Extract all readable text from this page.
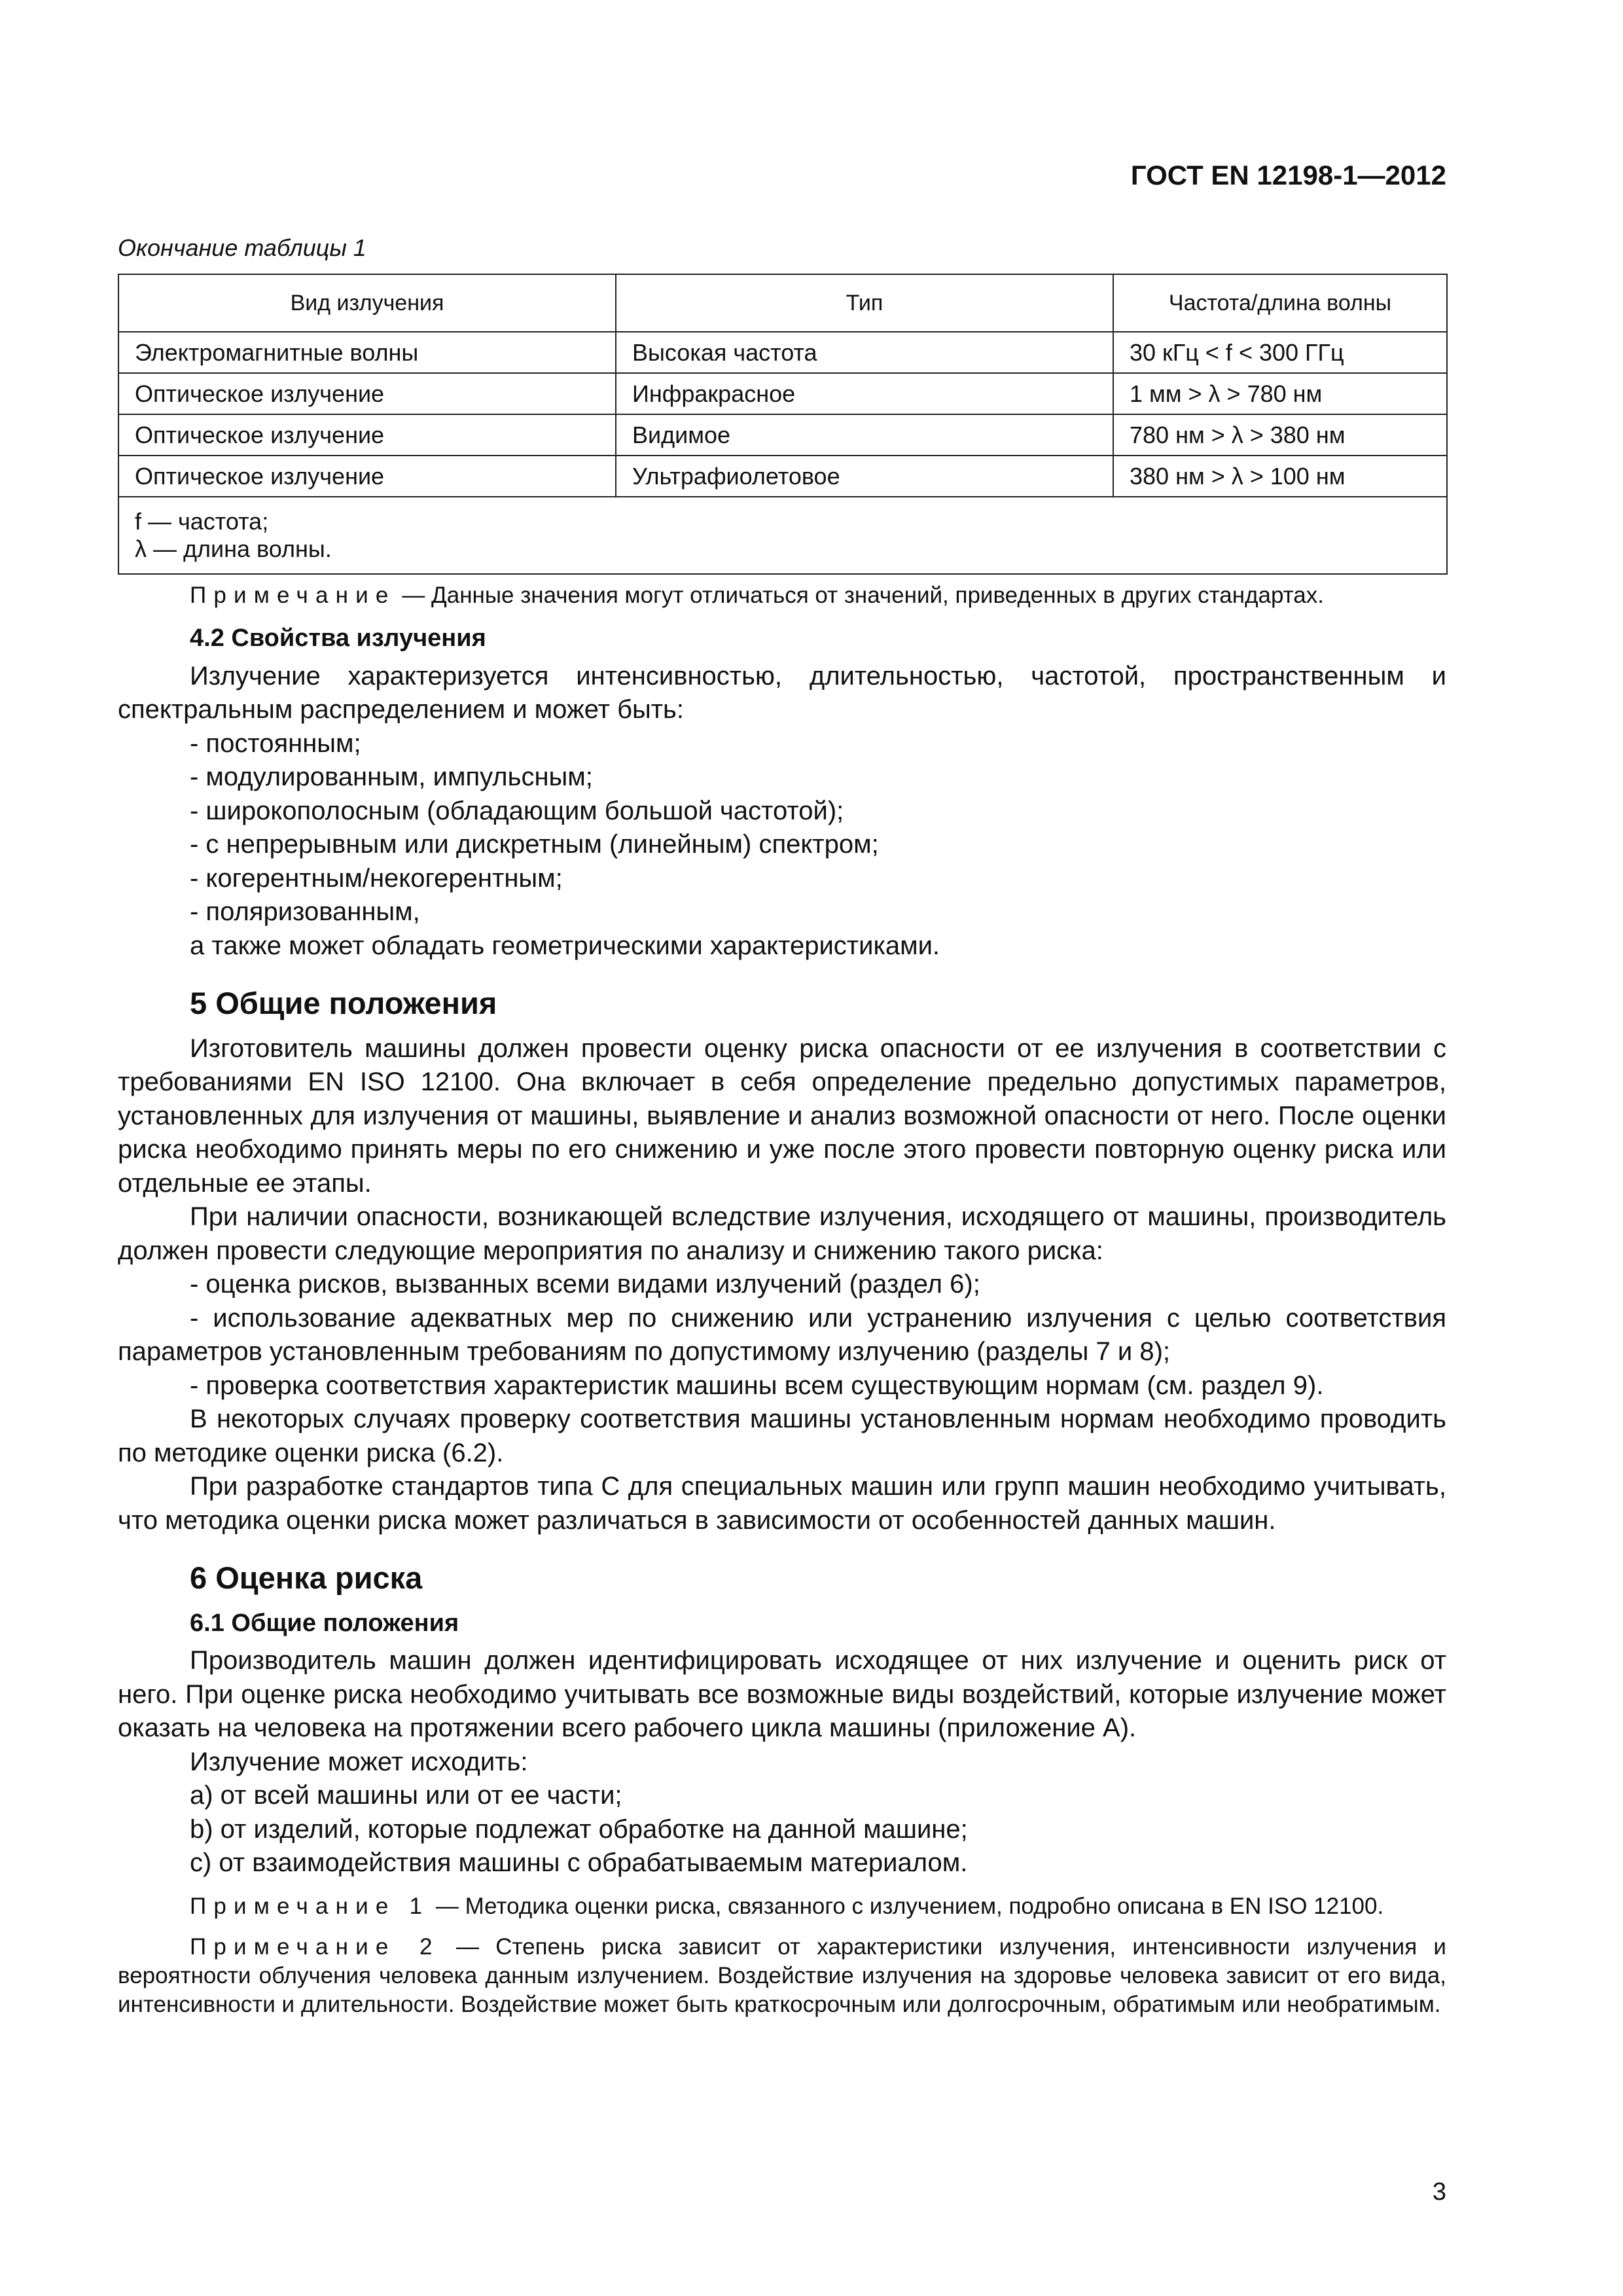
ГОСТ EN 12198-1—2012
Окончание таблицы 1
Вид излучения	Тип	Частота/длина волны
Электромагнитные волны	Высокая частота	30 кГц < f < 300 ГГц
Оптическое излучение	Инфракрасное	1 мм > λ > 780 нм
Оптическое излучение	Видимое	780 нм > λ > 380 нм
Оптическое излучение	Ультрафиолетовое	380 нм > λ > 100 нм

f — частота;
λ — длина волны.		

Примечание — Данные значения могут отличаться от значений, приведенных в других стандартах.

4.2 Свойства излучения

Излучение характеризуется интенсивностью, длительностью, частотой, пространственным и спектральным распределением и может быть:

- постоянным;
- модулированным, импульсным;
- широкополосным (обладающим большой частотой);
- с непрерывным или дискретным (линейным) спектром;
- когерентным/некогерентным;
- поляризованным,
а также может обладать геометрическими характеристиками.
5 Общие положения

Изготовитель машины должен провести оценку риска опасности от ее излучения в соответствии с требованиями EN ISO 12100. Она включает в себя определение предельно допустимых параметров, установленных для излучения от машины, выявление и анализ возможной опасности от него. После оценки риска необходимо принять меры по его снижению и уже после этого провести повторную оценку риска или отдельные ее этапы.

При наличии опасности, возникающей вследствие излучения, исходящего от машины, производитель должен провести следующие мероприятия по анализу и снижению такого риска:

- оценка рисков, вызванных всеми видами излучений (раздел 6);

- использование адекватных мер по снижению или устранению излучения с целью соответствия параметров установленным требованиям по допустимому излучению (разделы 7 и 8);

- проверка соответствия характеристик машины всем существующим нормам (см. раздел 9).

В некоторых случаях проверку соответствия машины установленным нормам необходимо проводить по методике оценки риска (6.2).

При разработке стандартов типа С для специальных машин или групп машин необходимо учитывать, что методика оценки риска может различаться в зависимости от особенностей данных машин.

6 Оценка риска
6.1 Общие положения

Производитель машин должен идентифицировать исходящее от них излучение и оценить риск от него. При оценке риска необходимо учитывать все возможные виды воздействий, которые излучение может оказать на человека на протяжении всего рабочего цикла машины (приложение А).

Излучение может исходить:

a) от всей машины или от ее части;
b) от изделий, которые подлежат обработке на данной машине;
c) от взаимодействия машины с обрабатываемым материалом.

Примечание 1 — Методика оценки риска, связанного с излучением, подробно описана в EN ISO 12100.

Примечание 2 — Степень риска зависит от характеристики излучения, интенсивности излучения и вероятности облучения человека данным излучением. Воздействие излучения на здоровье человека зависит от его вида, интенсивности и длительности. Воздействие может быть краткосрочным или долгосрочным, обратимым или необратимым.

3
